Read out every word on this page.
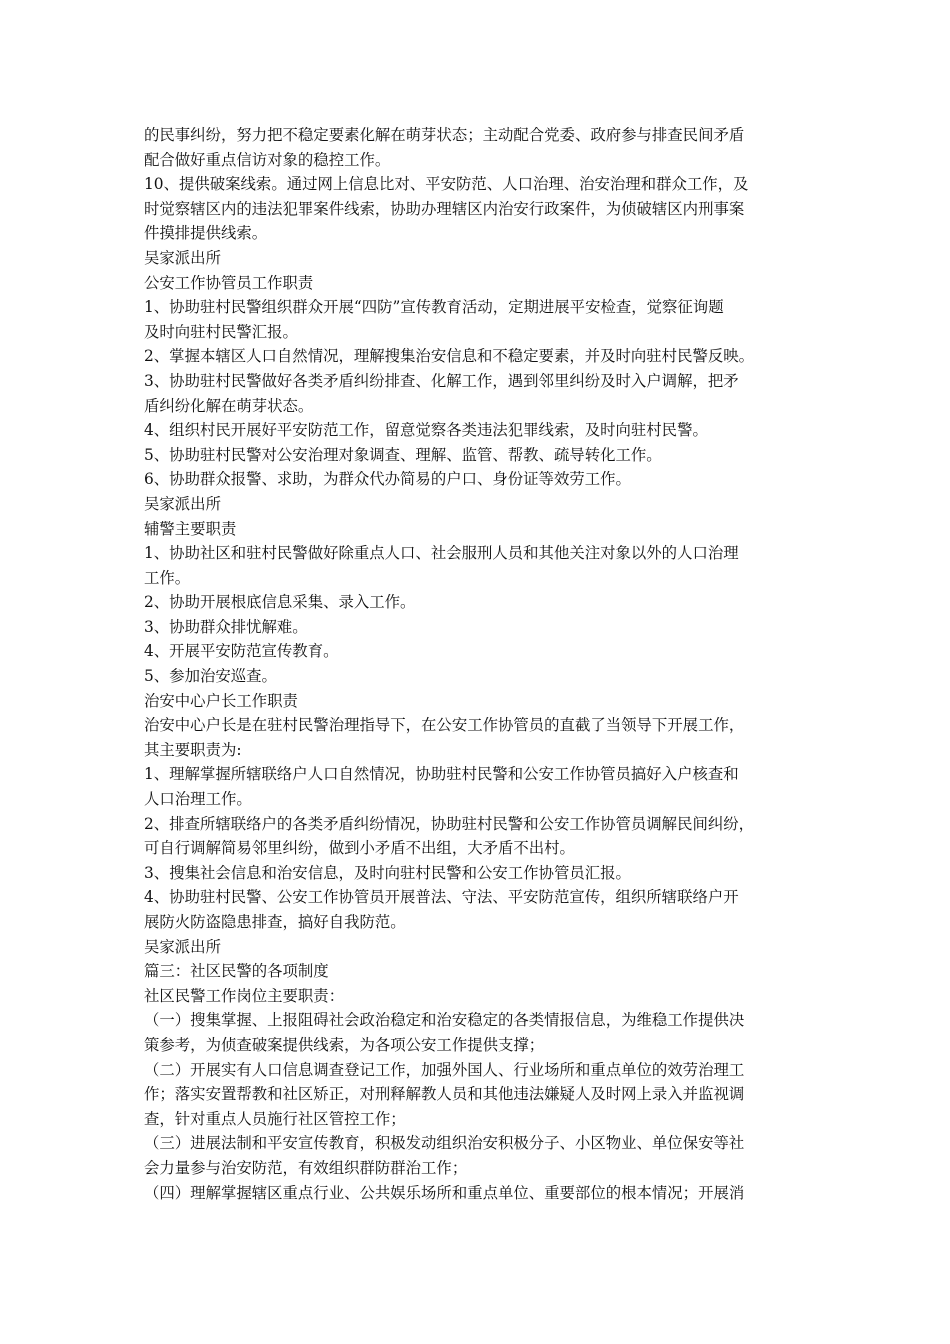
的民事纠纷，努力把不稳定要素化解在萌芽状态；主动配合党委、政府参与排查民间矛盾
配合做好重点信访对象的稳控工作。
10、提供破案线索。通过网上信息比对、平安防范、人口治理、治安治理和群众工作，及
时觉察辖区内的违法犯罪案件线索，协助办理辖区内治安行政案件，为侦破辖区内刑事案
件摸排提供线索。
吴家派出所
公安工作协管员工作职责
1、协助驻村民警组织群众开展“四防”宣传教育活动，定期进展平安检查，觉察征询题
及时向驻村民警汇报。
2、掌握本辖区人口自然情况，理解搜集治安信息和不稳定要素，并及时向驻村民警反映。
3、协助驻村民警做好各类矛盾纠纷排查、化解工作，遇到邻里纠纷及时入户调解，把矛
盾纠纷化解在萌芽状态。
4、组织村民开展好平安防范工作，留意觉察各类违法犯罪线索，及时向驻村民警。
5、协助驻村民警对公安治理对象调查、理解、监管、帮教、疏导转化工作。
6、协助群众报警、求助，为群众代办简易的户口、身份证等效劳工作。
吴家派出所
辅警主要职责
1、协助社区和驻村民警做好除重点人口、社会服刑人员和其他关注对象以外的人口治理
工作。
2、协助开展根底信息采集、录入工作。
3、协助群众排忧解难。
4、开展平安防范宣传教育。
5、参加治安巡查。
治安中心户长工作职责
治安中心户长是在驻村民警治理指导下，在公安工作协管员的直截了当领导下开展工作，
其主要职责为:
1、理解掌握所辖联络户人口自然情况，协助驻村民警和公安工作协管员搞好入户核查和
人口治理工作。
2、排查所辖联络户的各类矛盾纠纷情况，协助驻村民警和公安工作协管员调解民间纠纷，
可自行调解简易邻里纠纷，做到小矛盾不出组，大矛盾不出村。
3、搜集社会信息和治安信息，及时向驻村民警和公安工作协管员汇报。
4、协助驻村民警、公安工作协管员开展普法、守法、平安防范宣传，组织所辖联络户开
展防火防盗隐患排查，搞好自我防范。
吴家派出所
篇三：社区民警的各项制度
社区民警工作岗位主要职责：
（一）搜集掌握、上报阻碍社会政治稳定和治安稳定的各类情报信息，为维稳工作提供决
策参考，为侦查破案提供线索，为各项公安工作提供支撑；
（二）开展实有人口信息调查登记工作，加强外国人、行业场所和重点单位的效劳治理工
作；落实安置帮教和社区矫正，对刑释解教人员和其他违法嫌疑人及时网上录入并监视调
查，针对重点人员施行社区管控工作；
（三）进展法制和平安宣传教育，积极发动组织治安积极分子、小区物业、单位保安等社
会力量参与治安防范，有效组织群防群治工作；
（四）理解掌握辖区重点行业、公共娱乐场所和重点单位、重要部位的根本情况；开展消
